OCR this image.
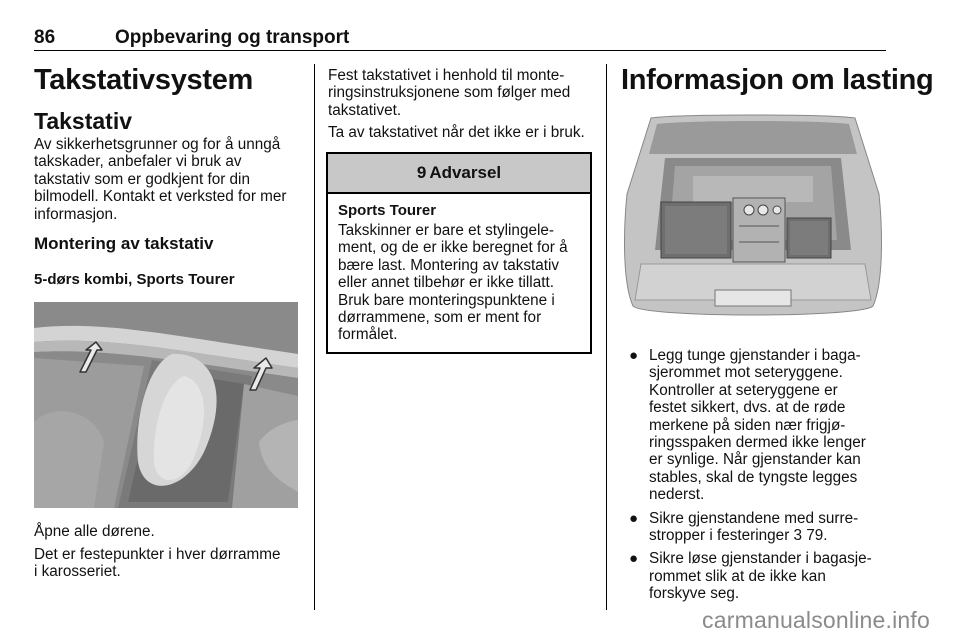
86	Oppbevaring og transport
Takstativsystem
Takstativ
Av sikkerhetsgrunner og for å unngå
takskader, anbefaler vi bruk av
takstativ som er godkjent for din
bilmodell. Kontakt et verksted for mer
informasjon.
Montering av takstativ
5-dørs kombi, Sports Tourer
Åpne alle dørene.
Det er festepunkter i hver dørramme
i karosseriet.
Fest takstativet i henhold til monte-
ringsinstruksjonene som følger med
takstativet.
Ta av takstativet når det ikke er i bruk.
9 Advarsel
Sports Tourer
Takskinner er bare et stylingele-
ment, og de er ikke beregnet for å
bære last. Montering av takstativ
eller annet tilbehør er ikke tillatt.
Bruk bare monteringspunktene i
dørrammene, som er ment for
formålet.
Informasjon om lasting
● Legg tunge gjenstander i baga-
sjerommet mot seteryggene.
Kontroller at seteryggene er
festet sikkert, dvs. at de røde
merkene på siden nær frigjø-
ringsspaken dermed ikke lenger
er synlige. Når gjenstander kan
stables, skal de tyngste legges
nederst.
● Sikre gjenstandene med surre-
stropper i festeringer 3 79.
● Sikre løse gjenstander i bagasje-
rommet slik at de ikke kan
forskyve seg.
carmanualsonline.info
